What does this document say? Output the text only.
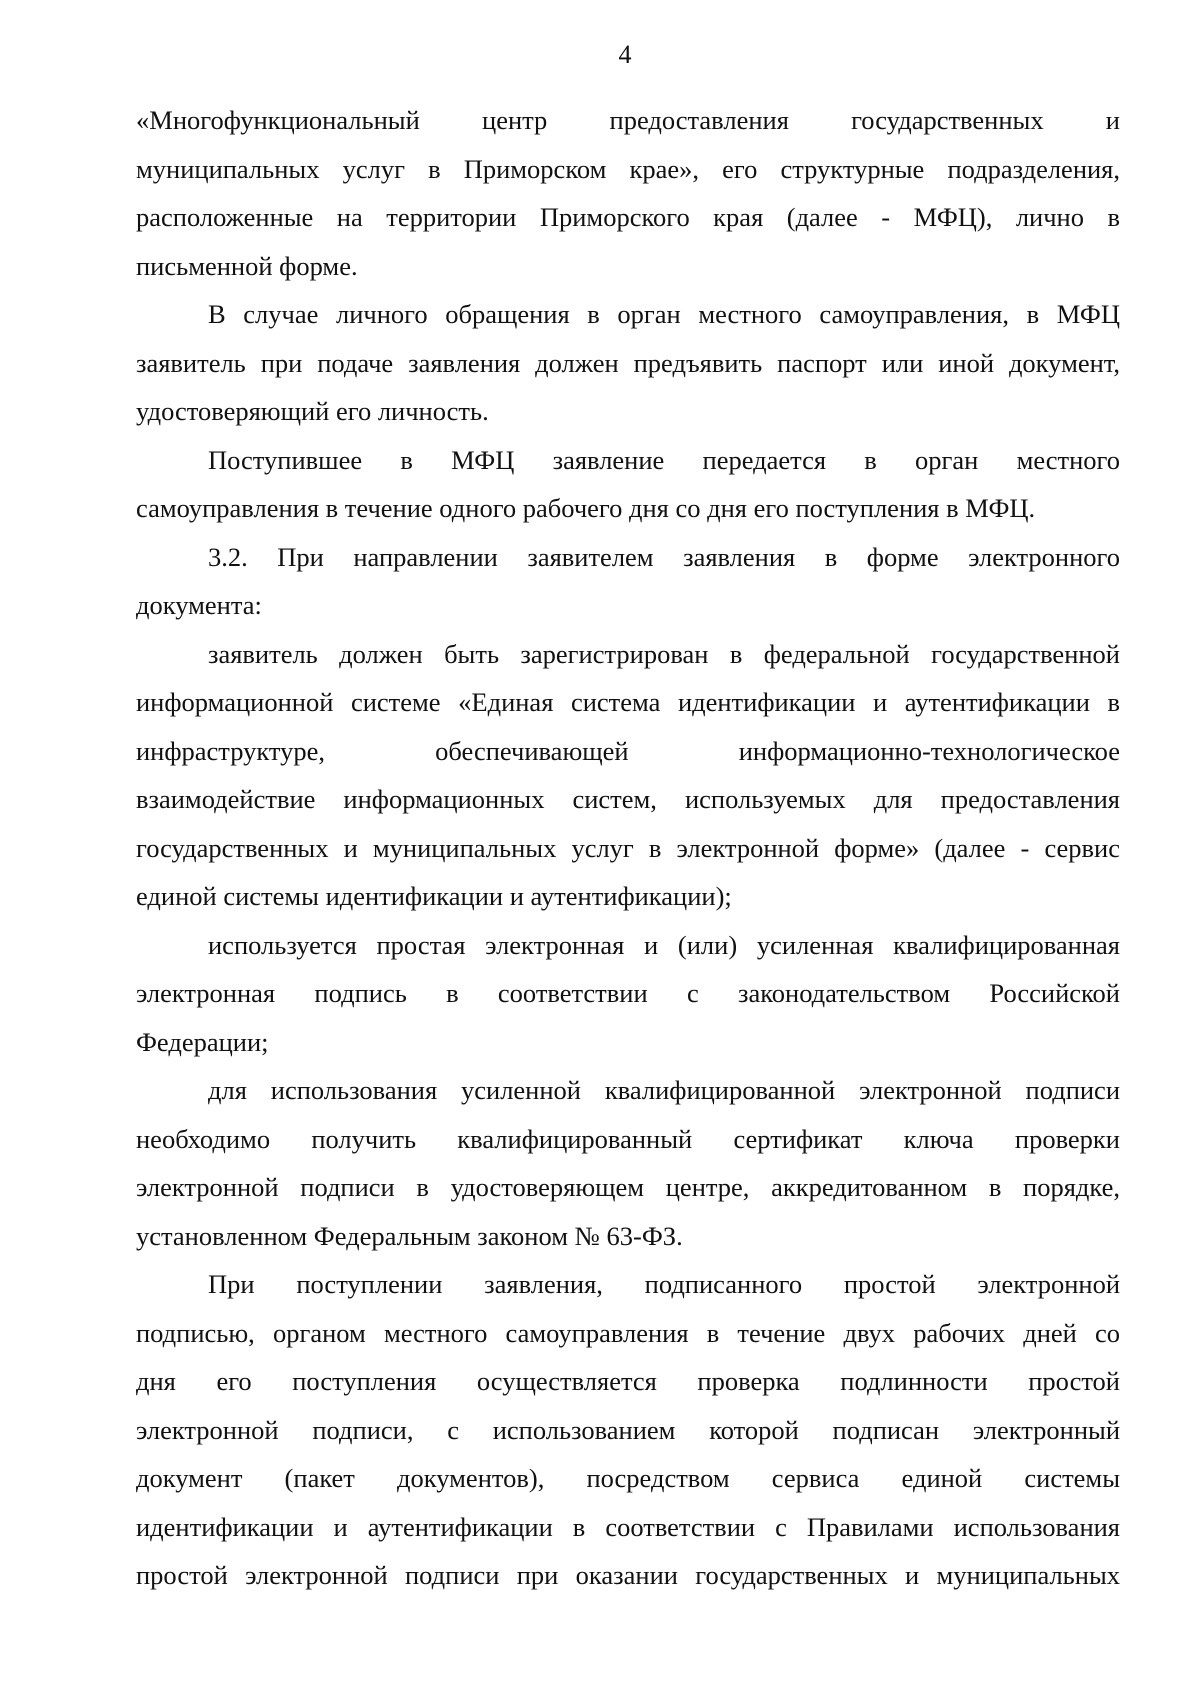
4
«Многофункциональный центр предоставления государственных и
муниципальных услуг в Приморском крае», его структурные подразделения,
расположенные на территории Приморского края (далее - МФЦ), лично в
письменной форме.
В случае личного обращения в орган местного самоуправления, в МФЦ
заявитель при подаче заявления должен предъявить паспорт или иной документ,
удостоверяющий его личность.
Поступившее в МФЦ заявление передается в орган местного
самоуправления в течение одного рабочего дня со дня его поступления в МФЦ.
3.2. При направлении заявителем заявления в форме электронного
документа:
заявитель должен быть зарегистрирован в федеральной государственной
информационной системе «Единая система идентификации и аутентификации в
инфраструктуре, обеспечивающей информационно-технологическое
взаимодействие информационных систем, используемых для предоставления
государственных и муниципальных услуг в электронной форме» (далее - сервис
единой системы идентификации и аутентификации);
используется простая электронная и (или) усиленная квалифицированная
электронная подпись в соответствии с законодательством Российской
Федерации;
для использования усиленной квалифицированной электронной подписи
необходимо получить квалифицированный сертификат ключа проверки
электронной подписи в удостоверяющем центре, аккредитованном в порядке,
установленном Федеральным законом № 63-ФЗ.
При поступлении заявления, подписанного простой электронной
подписью, органом местного самоуправления в течение двух рабочих дней со
дня его поступления осуществляется проверка подлинности простой
электронной подписи, с использованием которой подписан электронный
документ (пакет документов), посредством сервиса единой системы
идентификации и аутентификации в соответствии с Правилами использования
простой электронной подписи при оказании государственных и муниципальных
